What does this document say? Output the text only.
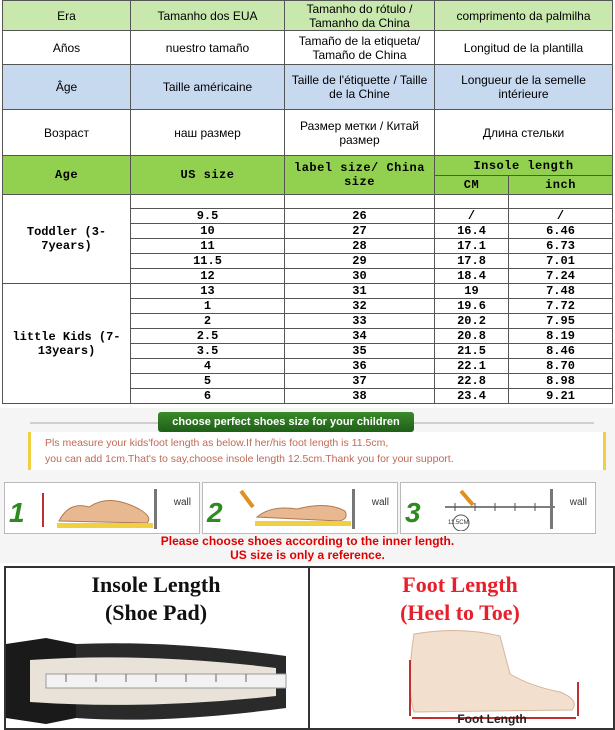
Era	Tamanho dos EUA	Tamanho do rótulo / Tamanho da China	comprimento da palmilha	
Años	nuestro tamaño	Tamaño de la etiqueta/ Tamaño de China	Longitud de la plantilla	
Âge	Taille américaine	Taille de l'étiquette / Taille de la Chine	Longueur de la semelle intérieure	
Возраст	наш размер	Размер метки / Китай размер	Длина стельки	
Age	US size	label size/ China size	Insole length	
			CM	inch
Toddler (3-7years)				
	9.5	26	/	/
	10	27	16.4	6.46
	11	28	17.1	6.73
	11.5	29	17.8	7.01
	12	30	18.4	7.24
little Kids (7-13years)	13	31	19	7.48
	1	32	19.6	7.72
	2	33	20.2	7.95
	2.5	34	20.8	8.19
	3.5	35	21.5	8.46
	4	36	22.1	8.70
	5	37	22.8	8.98
	6	38	23.4	9.21
choose perfect shoes size for your children
Pls measure your kids'foot length as below.If her/his foot length is 11.5cm,
you can add 1cm.That's to say,choose insole length 12.5cm.Thank you for your support.
1	wall 2	wall 3	11.5CM
wall
Please choose shoes according to the inner length.
US size is only a reference.
Insole Length
(Shoe Pad)
Foot Length
(Heel to Toe)
Foot Length
